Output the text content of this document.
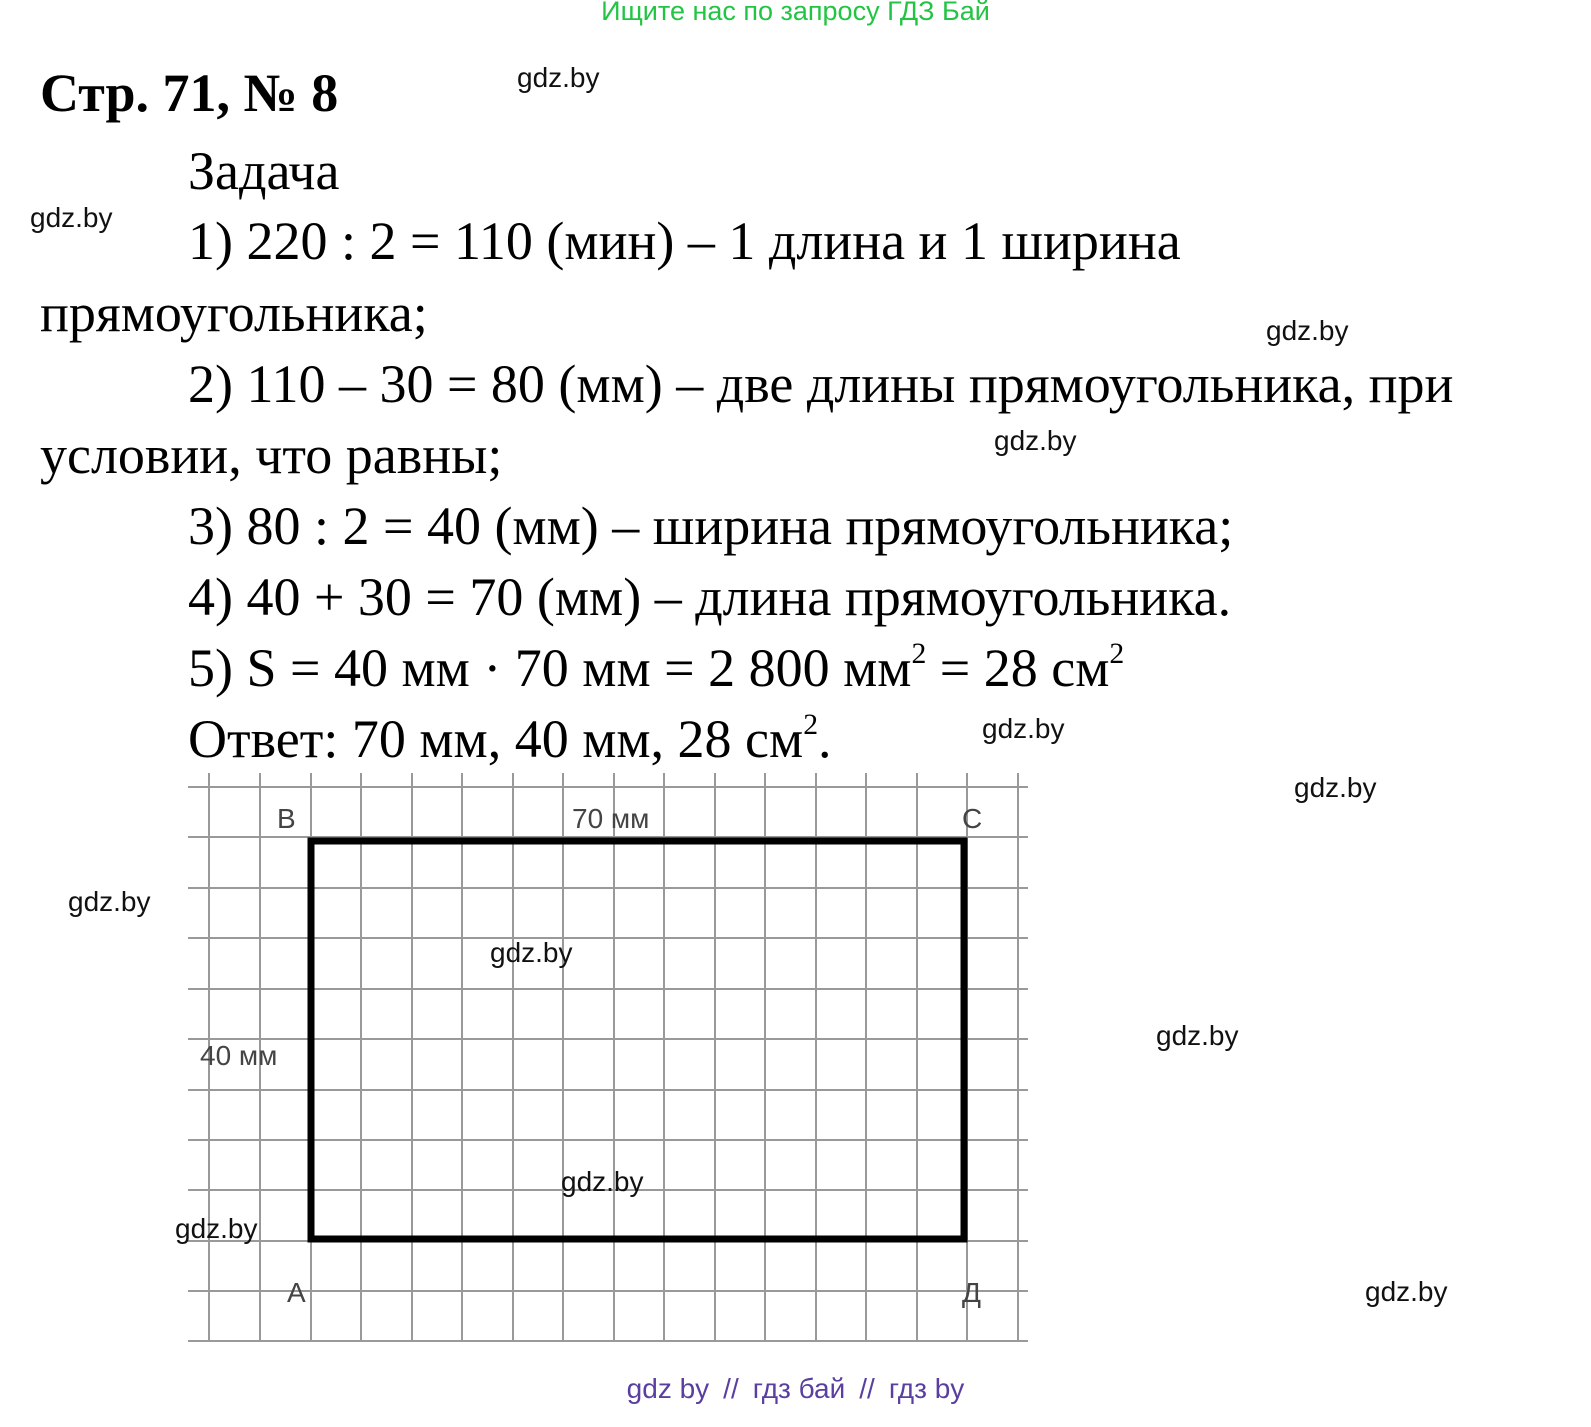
Ищите нас по запросу ГДЗ Бай
Стр. 71, № 8
Задача
1) 220 : 2 = 110 (мин) – 1 длина и 1 ширина
прямоугольника;
2) 110 – 30 = 80 (мм) – две длины прямоугольника, при
условии, что равны;
3) 80 : 2 = 40 (мм) – ширина прямоугольника;
4) 40 + 30 = 70 (мм) – длина прямоугольника.
5) S = 40 мм · 70 мм = 2 800 $мм^2 = 28$ $см^2$
Ответ: 70 мм, 40 мм, 28 $см^2$.
В	С
А	Д
70 мм
40 мм
gdz.by
gdz.by
gdz.by
gdz.by
gdz.by
gdz.by
gdz.by
gdz.by
gdz.by
gdz.by
gdz.by
gdz.by
gdz by // гдз бай // гдз by
